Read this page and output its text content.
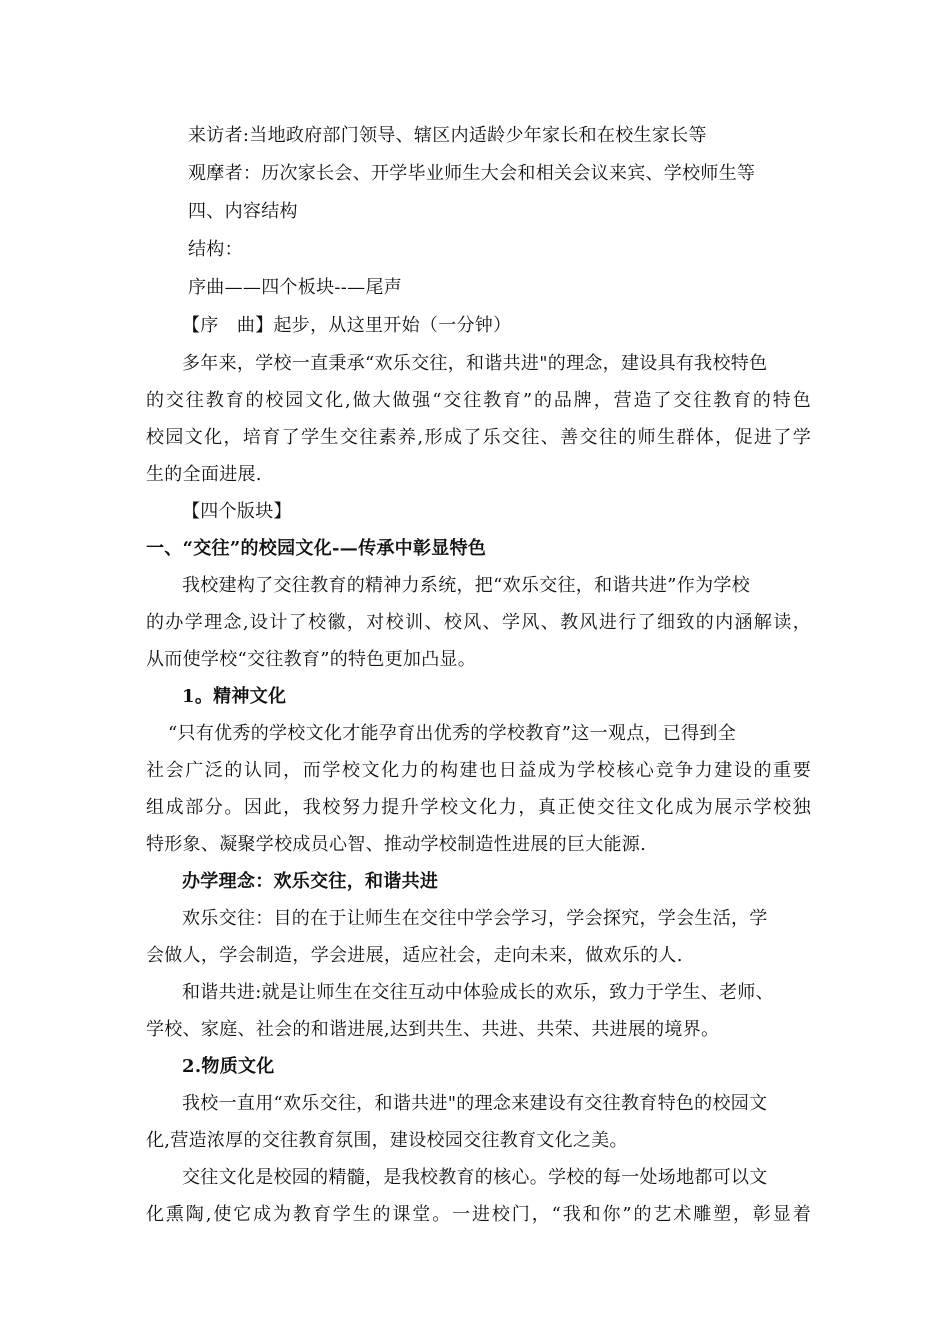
来访者:当地政府部门领导、辖区内适龄少年家长和在校生家长等
观摩者：历次家长会、开学毕业师生大会和相关会议来宾、学校师生等
四、内容结构
结构：
序曲——四个板块--—尾声
【序　曲】起步，从这里开始（一分钟）
多年来，学校一直秉承“欢乐交往，和谐共进"的理念，建设具有我校特色
的交往教育的校园文化,做大做强“交往教育”的品牌，营造了交往教育的特色
校园文化，培育了学生交往素养,形成了乐交往、善交往的师生群体，促进了学
生的全面进展.
【四个版块】
一、“交往”的校园文化-—传承中彰显特色
我校建构了交往教育的精神力系统，把“欢乐交往，和谐共进”作为学校
的办学理念,设计了校徽，对校训、校风、学风、教风进行了细致的内涵解读，
从而使学校“交往教育”的特色更加凸显。
1。精神文化
“只有优秀的学校文化才能孕育出优秀的学校教育”这一观点，已得到全
社会广泛的认同，而学校文化力的构建也日益成为学校核心竞争力建设的重要
组成部分。因此，我校努力提升学校文化力，真正使交往文化成为展示学校独
特形象、凝聚学校成员心智、推动学校制造性进展的巨大能源.
办学理念：欢乐交往，和谐共进
欢乐交往：目的在于让师生在交往中学会学习，学会探究，学会生活，学
会做人，学会制造，学会进展，适应社会，走向未来，做欢乐的人.
和谐共进:就是让师生在交往互动中体验成长的欢乐，致力于学生、老师、
学校、家庭、社会的和谐进展,达到共生、共进、共荣、共进展的境界。
2.物质文化
我校一直用“欢乐交往，和谐共进"的理念来建设有交往教育特色的校园文
化,营造浓厚的交往教育氛围，建设校园交往教育文化之美。
交往文化是校园的精髓，是我校教育的核心。学校的每一处场地都可以文
化熏陶,使它成为教育学生的课堂。一进校门，“我和你”的艺术雕塑，彰显着
